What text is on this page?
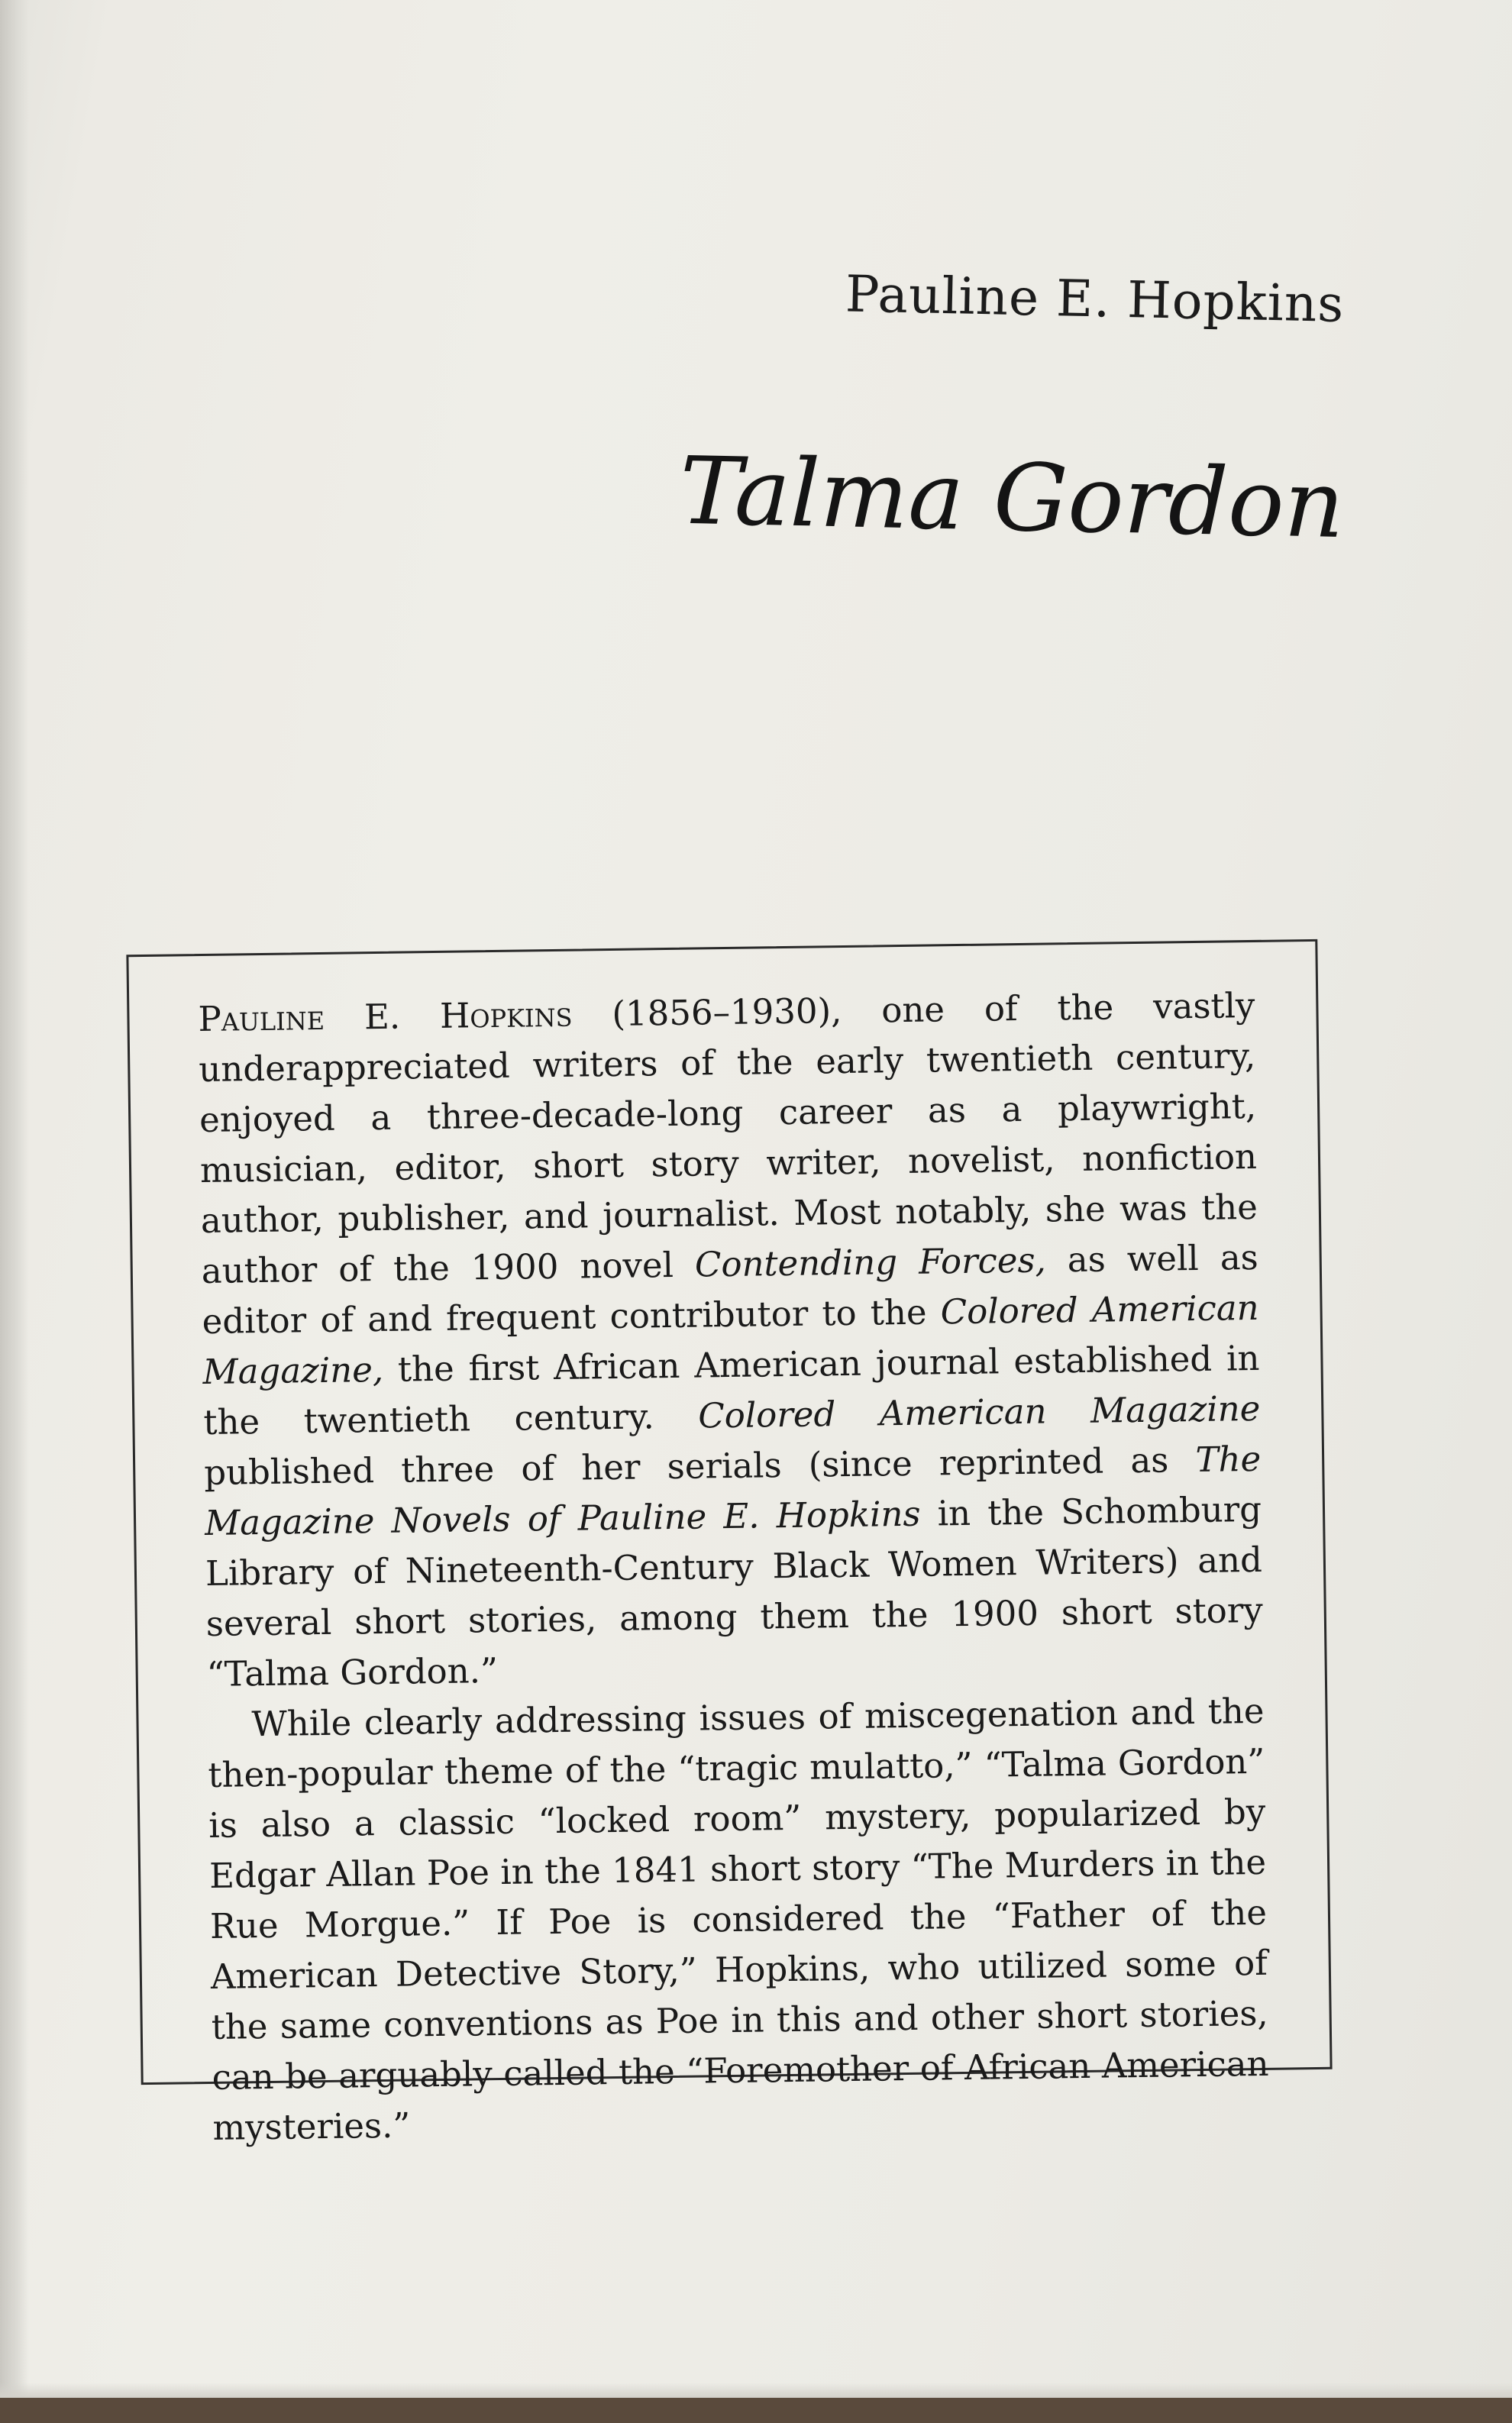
Pauline E. Hopkins
Talma Gordon

Pauline E. Hopkins (1856–1930), one of the vastly underappreciated writers of the early twentieth century, enjoyed a three-decade-long career as a playwright, musician, editor, short story writer, novelist, nonfiction author, publisher, and journalist. Most notably, she was the author of the 1900 novel Contending Forces, as well as editor of and frequent contributor to the Colored American Magazine, the first African American journal established in the twentieth century. Colored American Magazine published three of her serials (since reprinted as The Magazine Novels of Pauline E. Hopkins in the Schomburg Library of Nineteenth-Century Black Women Writers) and several short stories, among them the 1900 short story “Talma Gordon.”

While clearly addressing issues of miscegenation and the then-popular theme of the “tragic mulatto,” “Talma Gordon” is also a classic “locked room” mystery, popularized by Edgar Allan Poe in the 1841 short story “The Murders in the Rue Morgue.” If Poe is considered the “Father of the American Detective Story,” Hopkins, who utilized some of the same conventions as Poe in this and other short stories, can be arguably called the “Foremother of African American mysteries.”
